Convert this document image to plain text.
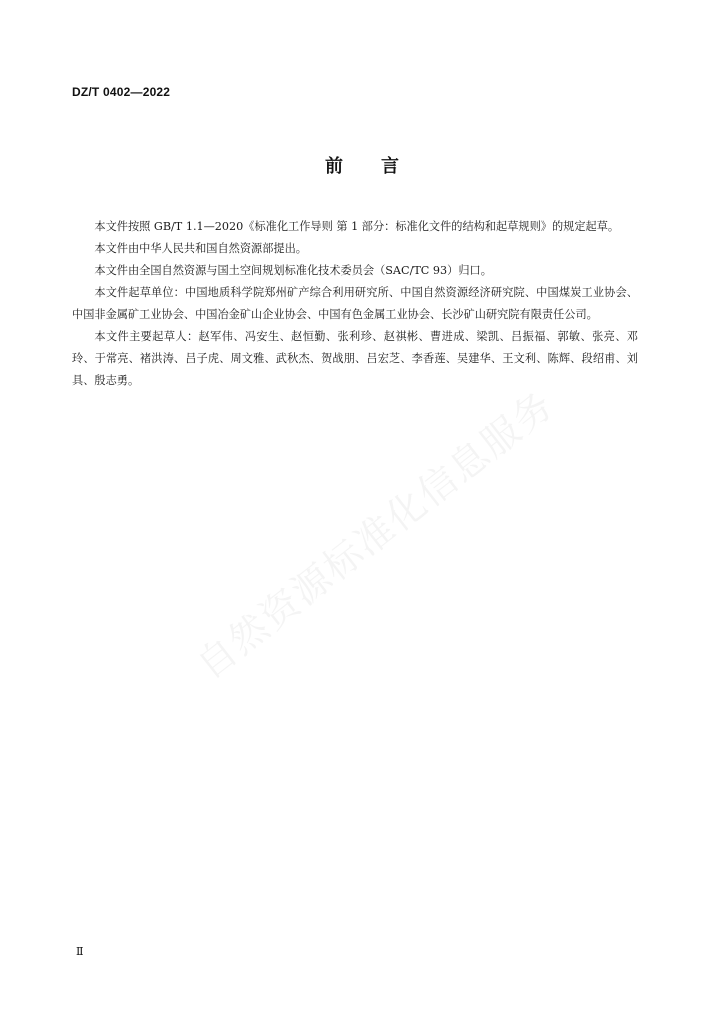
DZ/T 0402—2022
前言

本文件按照 GB/T 1.1—2020《标准化工作导则 第 1 部分：标准化文件的结构和起草规则》的规定起草。

本文件由中华人民共和国自然资源部提出。

本文件由全国自然资源与国土空间规划标准化技术委员会（SAC/TC 93）归口。

本文件起草单位：中国地质科学院郑州矿产综合利用研究所、中国自然资源经济研究院、中国煤炭工业协会、中国非金属矿工业协会、中国冶金矿山企业协会、中国有色金属工业协会、长沙矿山研究院有限责任公司。

本文件主要起草人：赵军伟、冯安生、赵恒勤、张利珍、赵祺彬、曹进成、梁凯、吕振福、郭敏、张亮、邓玲、于常亮、褚洪涛、吕子虎、周文雅、武秋杰、贺战朋、吕宏芝、李香莲、吴建华、王文利、陈辉、段绍甫、刘具、殷志勇。

自然资源标准化信息服务
Ⅱ
